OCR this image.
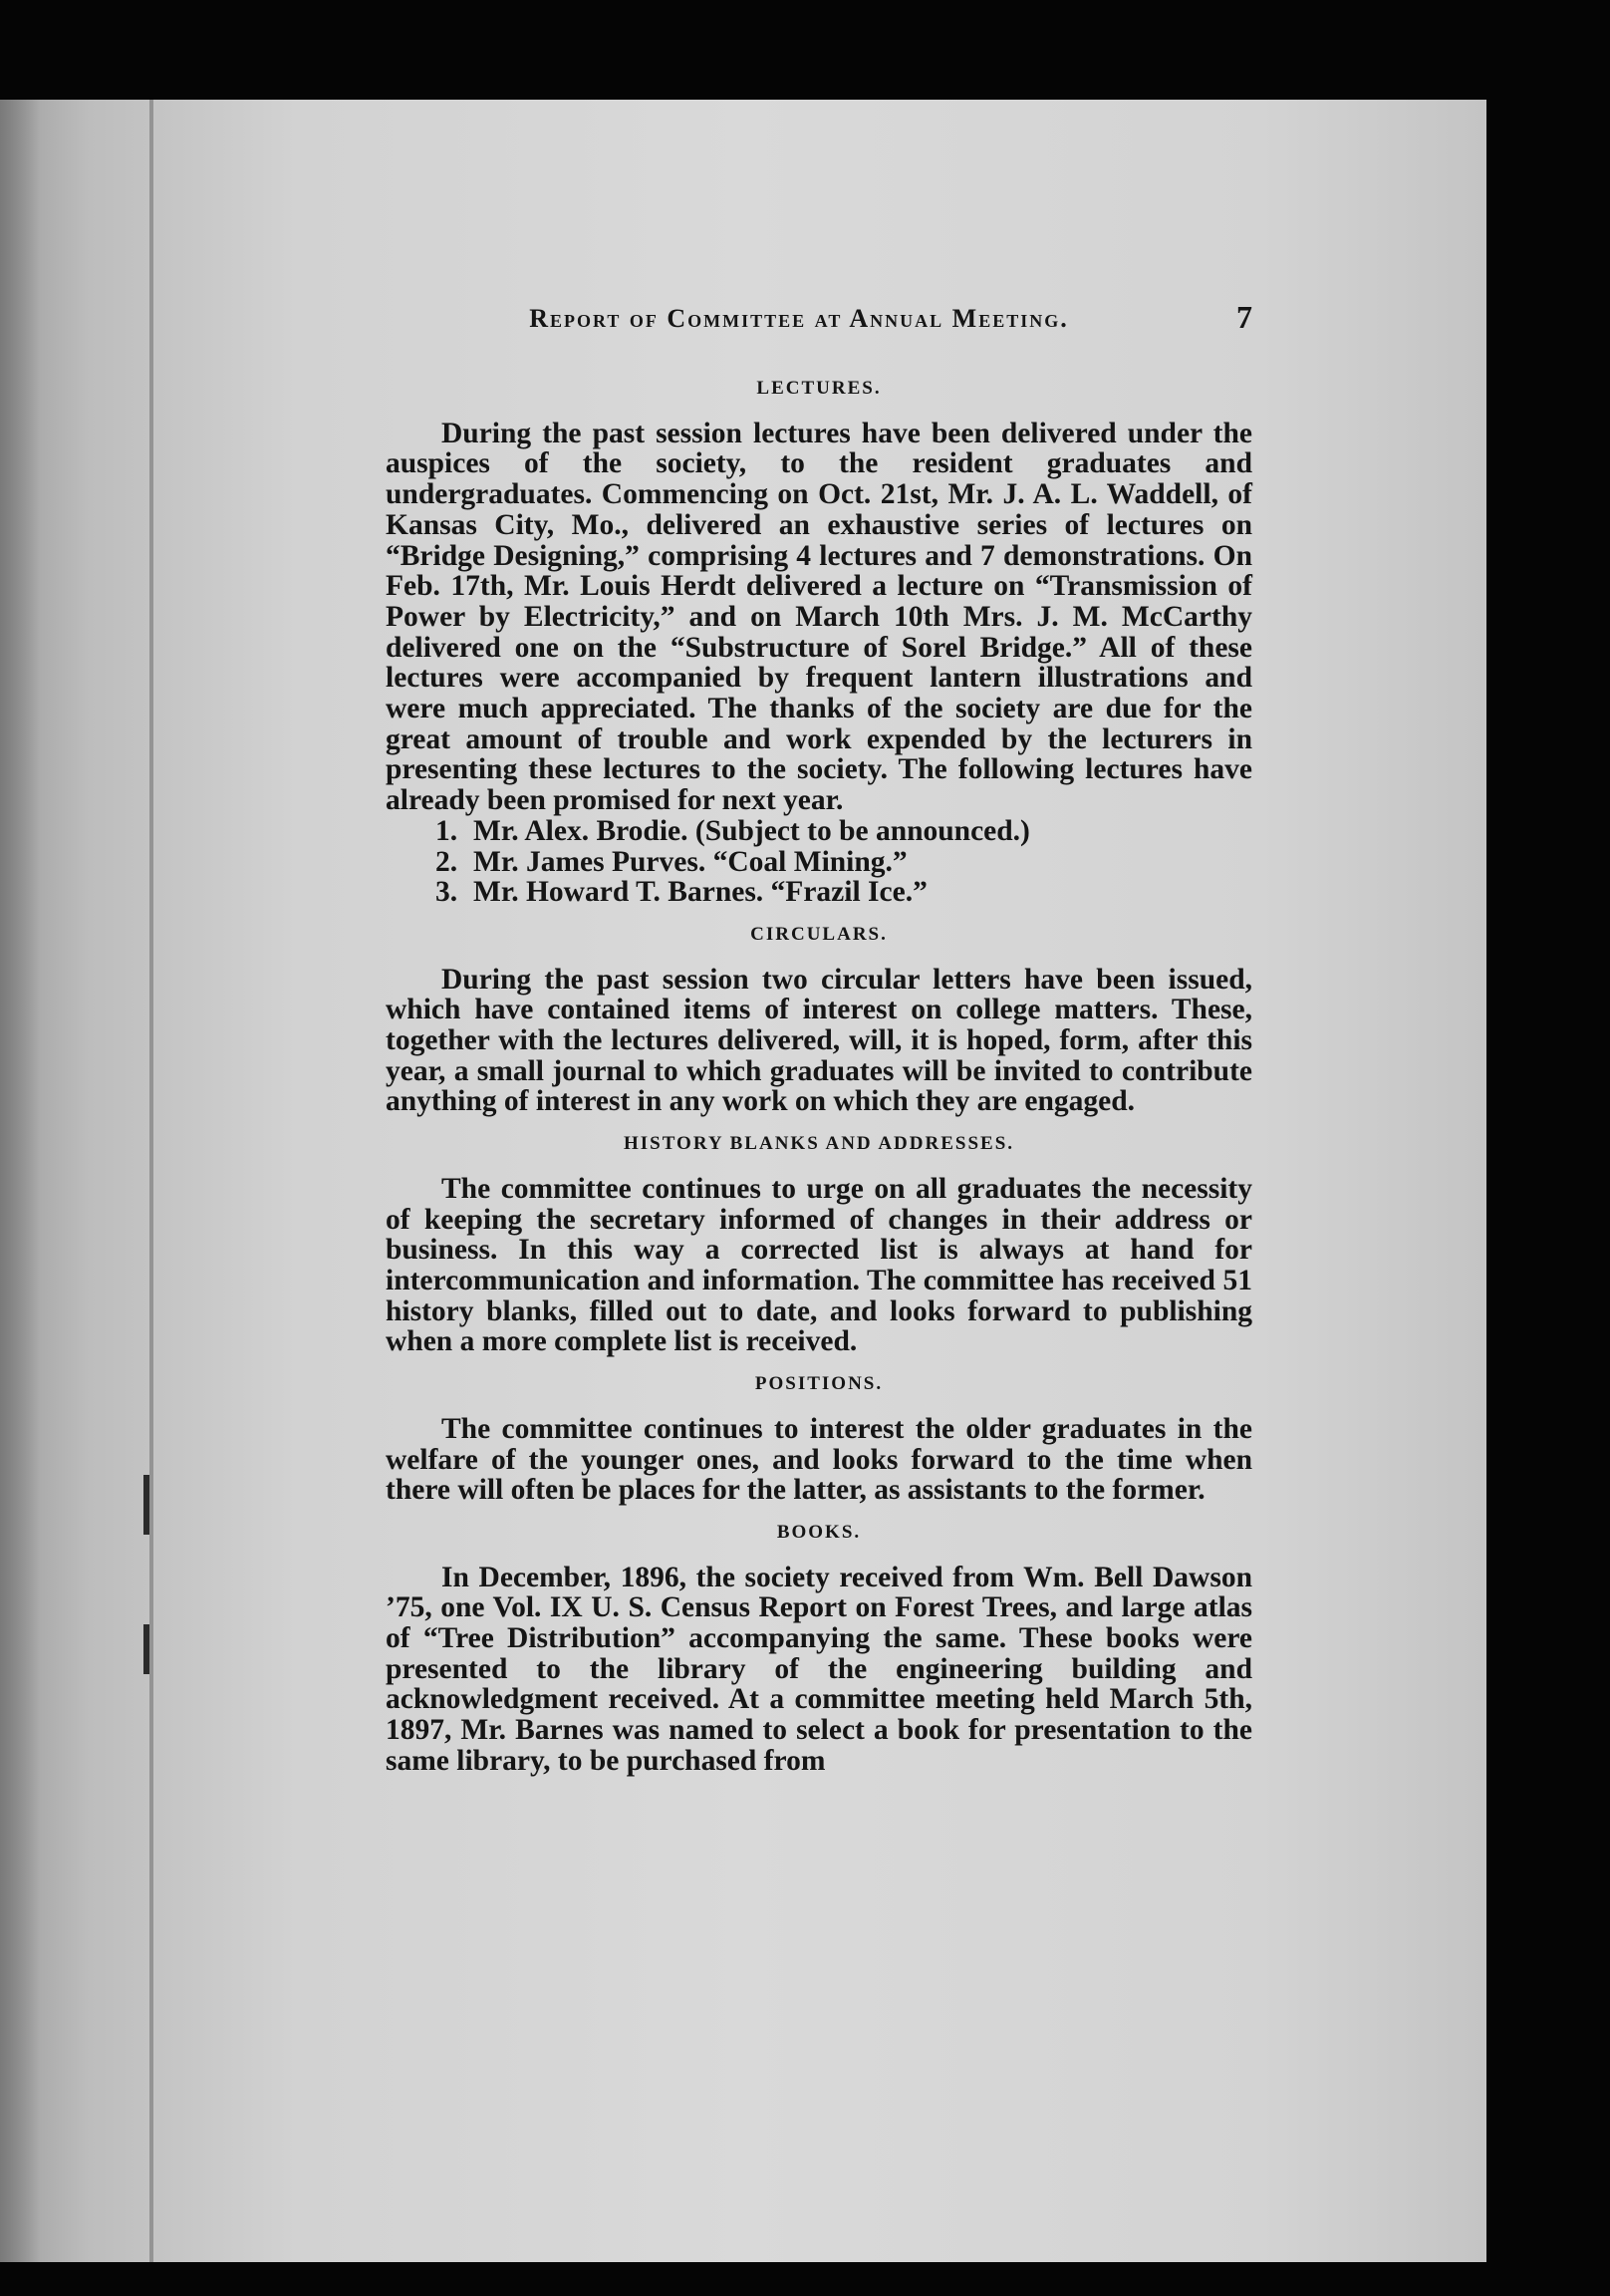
Report of Committee at Annual Meeting.	7
LECTURES.

During the past session lectures have been delivered under the auspices of the society, to the resident graduates and undergraduates. Commencing on Oct. 21st, Mr. J. A. L. Waddell, of Kansas City, Mo., delivered an exhaustive series of lectures on “Bridge Designing,” comprising 4 lectures and 7 demonstrations. On Feb. 17th, Mr. Louis Herdt delivered a lecture on “Transmission of Power by Electricity,” and on March 10th Mrs. J. M. McCarthy delivered one on the “Substructure of Sorel Bridge.” All of these lectures were accompanied by frequent lantern illustrations and were much appreciated. The thanks of the society are due for the great amount of trouble and work expended by the lecturers in presenting these lectures to the society. The following lectures have already been promised for next year.

1. Mr. Alex. Brodie. (Subject to be announced.)
2. Mr. James Purves. “Coal Mining.”
3. Mr. Howard T. Barnes. “Frazil Ice.”
CIRCULARS.

During the past session two circular letters have been issued, which have contained items of interest on college matters. These, together with the lectures delivered, will, it is hoped, form, after this year, a small journal to which graduates will be invited to contribute anything of interest in any work on which they are engaged.

HISTORY BLANKS AND ADDRESSES.

The committee continues to urge on all graduates the necessity of keeping the secretary informed of changes in their address or business. In this way a corrected list is always at hand for intercommunication and information. The committee has received 51 history blanks, filled out to date, and looks forward to publishing when a more complete list is received.

POSITIONS.

The committee continues to interest the older graduates in the welfare of the younger ones, and looks forward to the time when there will often be places for the latter, as assistants to the former.

BOOKS.

In December, 1896, the society received from Wm. Bell Dawson ’75, one Vol. IX U. S. Census Report on Forest Trees, and large atlas of “Tree Distribution” accompanying the same. These books were presented to the library of the engineering building and acknowledgment received. At a committee meeting held March 5th, 1897, Mr. Barnes was named to select a book for presentation to the same library, to be purchased from
